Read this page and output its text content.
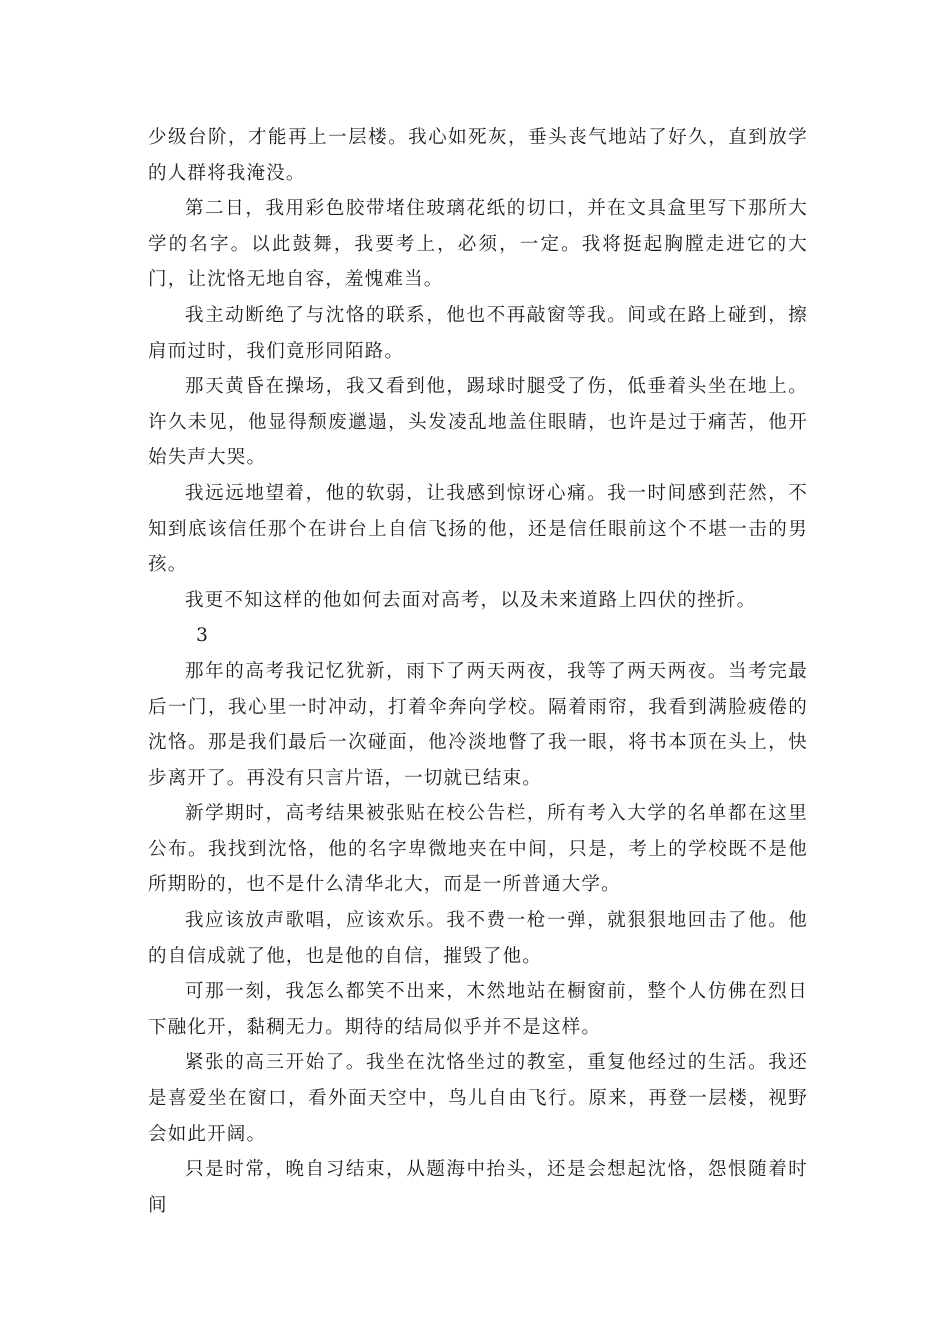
少级台阶，才能再上一层楼。我心如死灰，垂头丧气地站了好久，直到放学的人群将我淹没。

第二日，我用彩色胶带堵住玻璃花纸的切口，并在文具盒里写下那所大学的名字。以此鼓舞，我要考上，必须，一定。我将挺起胸膛走进它的大门，让沈恪无地自容，羞愧难当。

我主动断绝了与沈恪的联系，他也不再敲窗等我。间或在路上碰到，擦肩而过时，我们竟形同陌路。

那天黄昏在操场，我又看到他，踢球时腿受了伤，低垂着头坐在地上。许久未见，他显得颓废邋遢，头发凌乱地盖住眼睛，也许是过于痛苦，他开始失声大哭。

我远远地望着，他的软弱，让我感到惊讶心痛。我一时间感到茫然，不知到底该信任那个在讲台上自信飞扬的他，还是信任眼前这个不堪一击的男孩。

我更不知这样的他如何去面对高考，以及未来道路上四伏的挫折。

3

那年的高考我记忆犹新，雨下了两天两夜，我等了两天两夜。当考完最后一门，我心里一时冲动，打着伞奔向学校。隔着雨帘，我看到满脸疲倦的沈恪。那是我们最后一次碰面，他冷淡地瞥了我一眼，将书本顶在头上，快步离开了。再没有只言片语，一切就已结束。

新学期时，高考结果被张贴在校公告栏，所有考入大学的名单都在这里公布。我找到沈恪，他的名字卑微地夹在中间，只是，考上的学校既不是他所期盼的，也不是什么清华北大，而是一所普通大学。

我应该放声歌唱，应该欢乐。我不费一枪一弹，就狠狠地回击了他。他的自信成就了他，也是他的自信，摧毁了他。

可那一刻，我怎么都笑不出来，木然地站在橱窗前，整个人仿佛在烈日下融化开，黏稠无力。期待的结局似乎并不是这样。

紧张的高三开始了。我坐在沈恪坐过的教室，重复他经过的生活。我还是喜爱坐在窗口，看外面天空中，鸟儿自由飞行。原来，再登一层楼，视野会如此开阔。

只是时常，晚自习结束，从题海中抬头，还是会想起沈恪，怨恨随着时间
